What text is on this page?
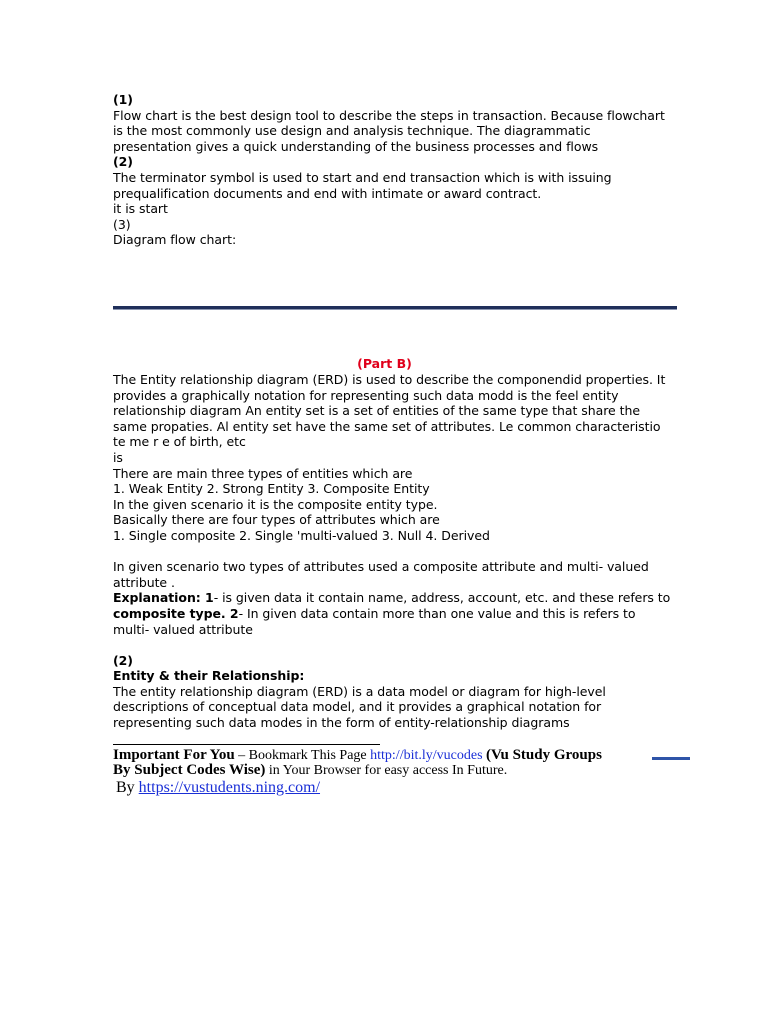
(1)
Flow chart is the best design tool to describe the steps in transaction. Because flowchart
is the most commonly use design and analysis technique. The diagrammatic
presentation gives a quick understanding of the business processes and flows
(2)
The terminator symbol is used to start and end transaction which is with issuing
prequalification documents and end with intimate or award contract.
it is start
(3)
Diagram flow chart:
(Part B)
The Entity relationship diagram (ERD) is used to describe the componendid properties. It
provides a graphically notation for representing such data modd is the feel entity
relationship diagram An entity set is a set of entities of the same type that share the
same propaties. Al entity set have the same set of attributes. Le common characteristio
te me r e of birth, etc
is
There are main three types of entities which are
1. Weak Entity 2. Strong Entity 3. Composite Entity
In the given scenario it is the composite entity type.
Basically there are four types of attributes which are
1. Single composite 2. Single 'multi-valued 3. Null 4. Derived
In given scenario two types of attributes used a composite attribute and multi- valued
attribute .
Explanation: 1- is given data it contain name, address, account, etc. and these refers to
composite type. 2- In given data contain more than one value and this is refers to
multi- valued attribute
(2)
Entity & their Relationship:
The entity relationship diagram (ERD) is a data model or diagram for high-level
descriptions of conceptual data model, and it provides a graphical notation for
representing such data modes in the form of entity-relationship diagrams
Important For You – Bookmark This Page http://bit.ly/vucodes (Vu Study Groups
By Subject Codes Wise) in Your Browser for easy access In Future.
By https://vustudents.ning.com/
